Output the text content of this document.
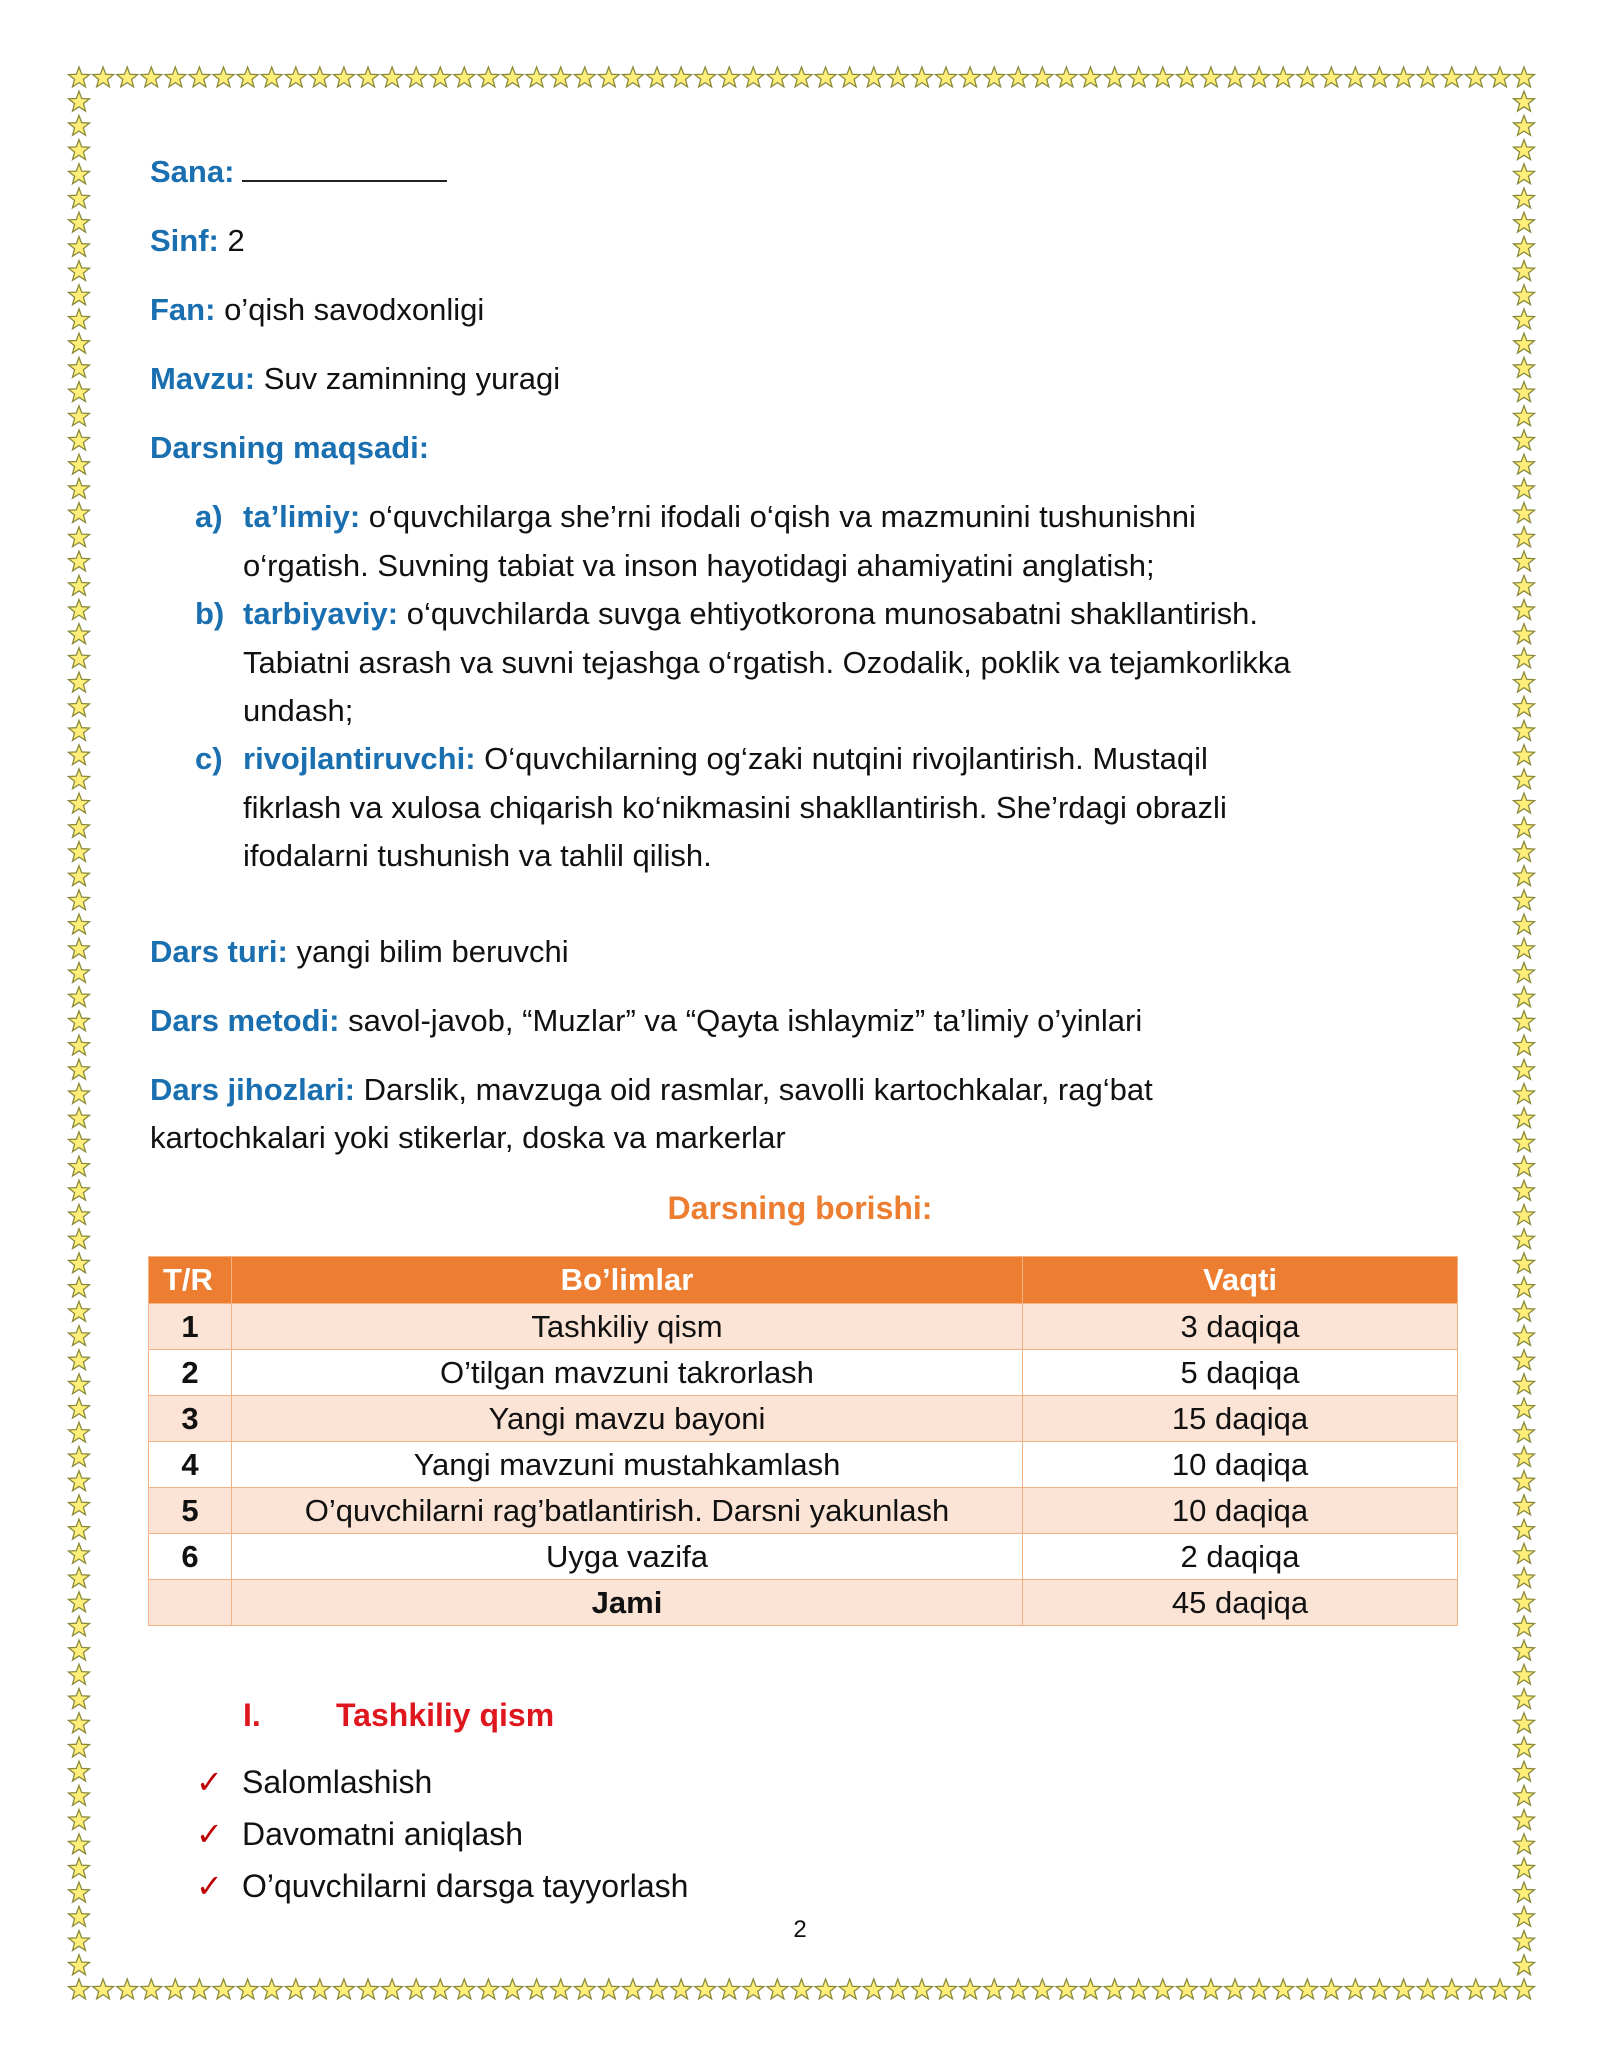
Sana:
Sinf: 2
Fan: o’qish savodxonligi
Mavzu: Suv zaminning yuragi
Darsning maqsadi:
a) ta’limiy: o‘quvchilarga she’rni ifodali o‘qish va mazmunini tushunishni
o‘rgatish. Suvning tabiat va inson hayotidagi ahamiyatini anglatish;
b) tarbiyaviy: o‘quvchilarda suvga ehtiyotkorona munosabatni shakllantirish.
Tabiatni asrash va suvni tejashga o‘rgatish. Ozodalik, poklik va tejamkorlikka
undash;
c) rivojlantiruvchi: O‘quvchilarning og‘zaki nutqini rivojlantirish. Mustaqil
fikrlash va xulosa chiqarish ko‘nikmasini shakllantirish. She’rdagi obrazli
ifodalarni tushunish va tahlil qilish.
Dars turi: yangi bilim beruvchi
Dars metodi: savol-javob, “Muzlar” va “Qayta ishlaymiz” ta’limiy o’yinlari
Dars jihozlari: Darslik, mavzuga oid rasmlar, savolli kartochkalar, rag‘bat
kartochkalari yoki stikerlar, doska va markerlar
Darsning borishi:
T/R	Bo’limlar	Vaqti
1	Tashkiliy qism	3 daqiqa
2	O’tilgan mavzuni takrorlash	5 daqiqa
3	Yangi mavzu bayoni	15 daqiqa
4	Yangi mavzuni mustahkamlash	10 daqiqa
5	O’quvchilarni rag’batlantirish. Darsni yakunlash	10 daqiqa
6	Uyga vazifa	2 daqiqa
	Jami	45 daqiqa
I. Tashkiliy qism
✓ Salomlashish
✓ Davomatni aniqlash
✓ O’quvchilarni darsga tayyorlash
2
